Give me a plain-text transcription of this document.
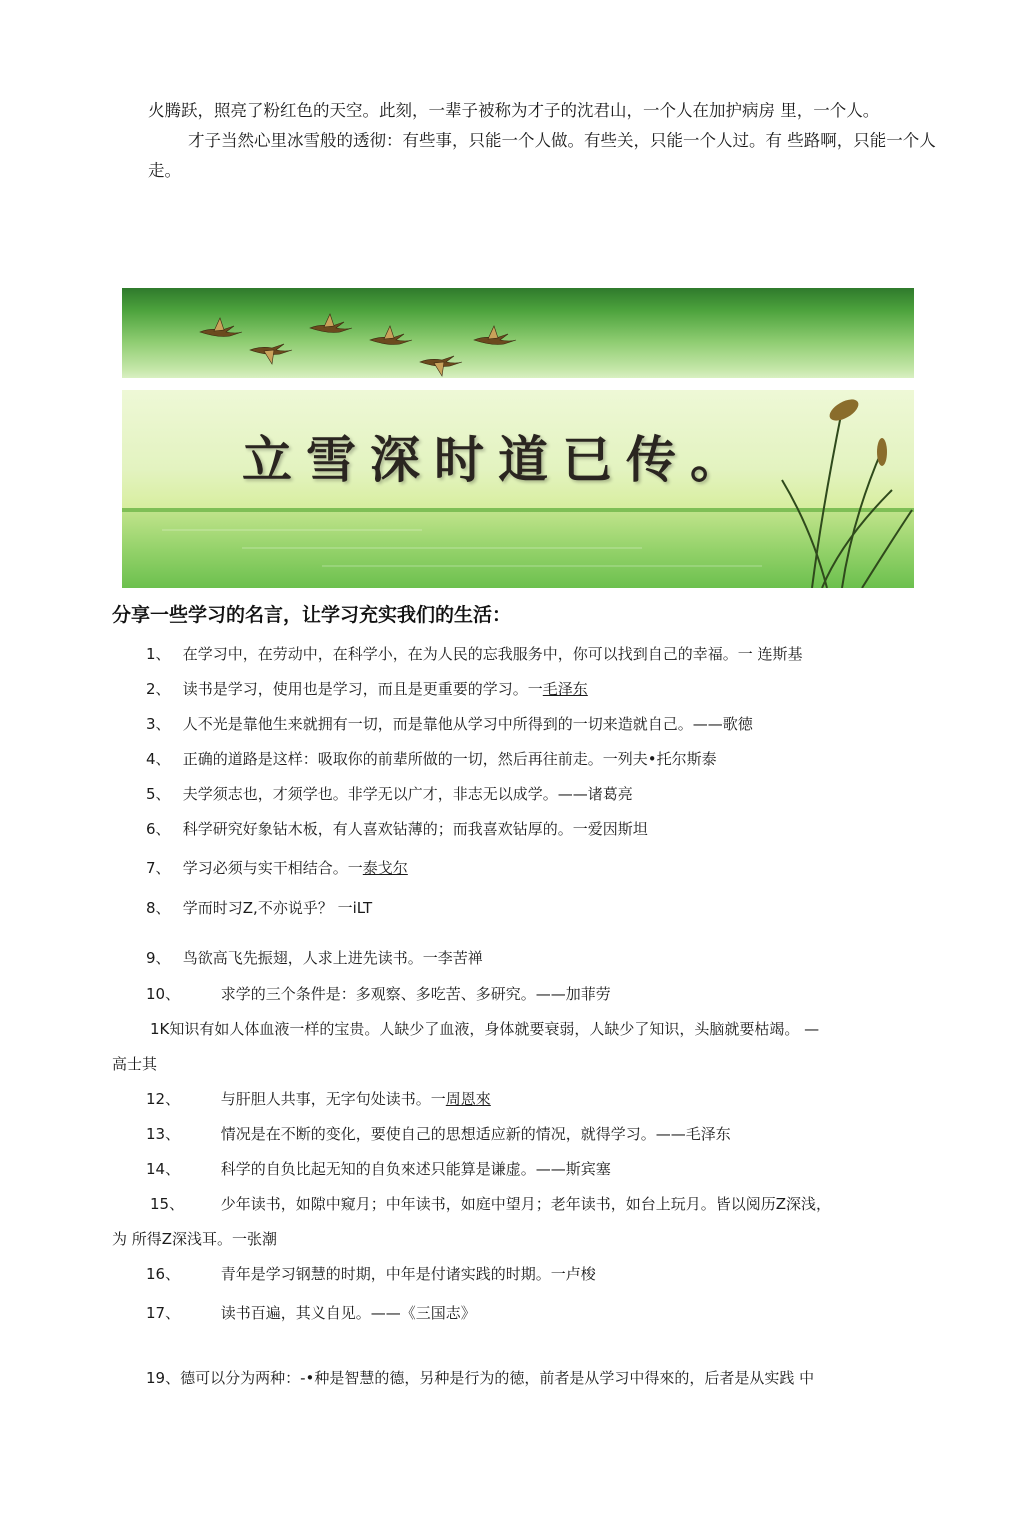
火腾跃，照亮了粉红色的天空。此刻，一辈子被称为才子的沈君山，一个人在加护病房 里，一个人。

才子当然心里冰雪般的透彻：有些事，只能一个人做。有些关，只能一个人过。有 些路啊，只能一个人走。

立雪深时道已传。
分享一些学习的名言，让学习充实我们的生活：
1、 在学习中，在劳动中，在科学小，在为人民的忘我服务中，你可以找到自己的幸福。一 连斯基
2、 读书是学习，使用也是学习，而且是更重要的学习。一毛泽东
3、 人不光是靠他生来就拥有一切，而是靠他从学习中所得到的一切来造就自己。——歌徳
4、 正确的道路是这样：吸取你的前辈所做的一切，然后再往前走。一列夫•托尔斯泰
5、 夫学须志也，才须学也。非学无以广才，非志无以成学。——诸葛亮
6、 科学研究好象钻木板，有人喜欢钻薄的；而我喜欢钻厚的。一爱因斯坦
7、 学习必须与实干相结合。一泰戈尔
8、 学而时习Z,不亦说乎？ 一iLT
9、 鸟欲高飞先振翅，人求上进先读书。一李苦禅
10、	求学的三个条件是：多观察、多吃苦、多研究。——加菲劳
1K知识有如人体血液一样的宝贵。人缺少了血液，身体就要衰弱，人缺少了知识，头脑就要枯竭。 —
高士其
12、	与肝胆人共事，无字句处读书。一周恩來
13、	情况是在不断的变化，要使自己的思想适应新的情况，就得学习。——毛泽东
14、	科学的自负比起无知的自负來述只能算是谦虚。——斯宾塞
15、 少年读书，如隙中窥月；中年读书，如庭中望月；老年读书，如台上玩月。皆以阅历Z深浅，
为 所得Z深浅耳。一张潮
16、	青年是学习钢慧的时期，中年是付诸实践的时期。一卢梭
17、	读书百遍，其义自见。——《三国志》
19、德可以分为两种：-•种是智慧的德，另种是行为的徳，前者是从学习中得來的，后者是从实践 中
